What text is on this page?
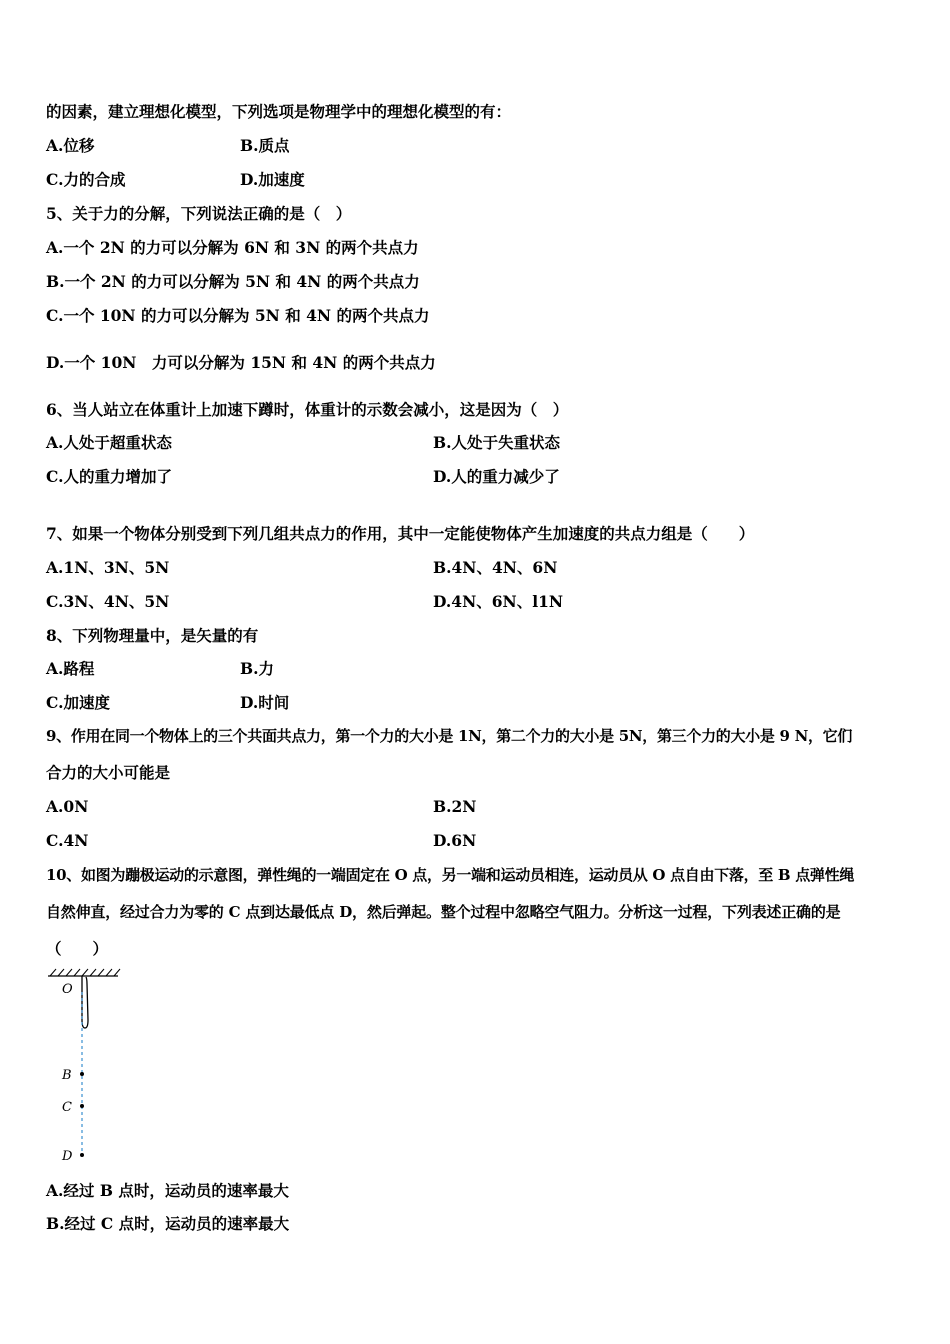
的因素，建立理想化模型，下列选项是物理学中的理想化模型的有：
A.位移	B.质点
C.力的合成	D.加速度
5、关于力的分解，下列说法正确的是（　）
A.一个 2N 的力可以分解为 6N 和 3N 的两个共点力
B.一个 2N 的力可以分解为 5N 和 4N 的两个共点力
C.一个 10N 的力可以分解为 5N 和 4N 的两个共点力
D.一个 10N　力可以分解为 15N 和 4N 的两个共点力
6、当人站立在体重计上加速下蹲时，体重计的示数会减小，这是因为（　）
A.人处于超重状态	B.人处于失重状态
C.人的重力增加了	D.人的重力减少了
7、如果一个物体分别受到下列几组共点力的作用，其中一定能使物体产生加速度的共点力组是（　　）
A.1N、3N、5N	B.4N、4N、6N
C.3N、4N、5N	D.4N、6N、l1N
8、下列物理量中，是矢量的有
A.路程	B.力
C.加速度	D.时间
9、作用在同一个物体上的三个共面共点力，第一个力的大小是 1N，第二个力的大小是 5N，第三个力的大小是 9 N，它们
合力的大小可能是
A.0N	B.2N
C.4N	D.6N
10、如图为蹦极运动的示意图，弹性绳的一端固定在 O 点，另一端和运动员相连，运动员从 O 点自由下落，至 B 点弹性绳
自然伸直，经过合力为零的 C 点到达最低点 D，然后弹起。整个过程中忽略空气阻力。分析这一过程，下列表述正确的是
（　　）
O
B
C
D
A.经过 B 点时，运动员的速率最大
B.经过 C 点时，运动员的速率最大
